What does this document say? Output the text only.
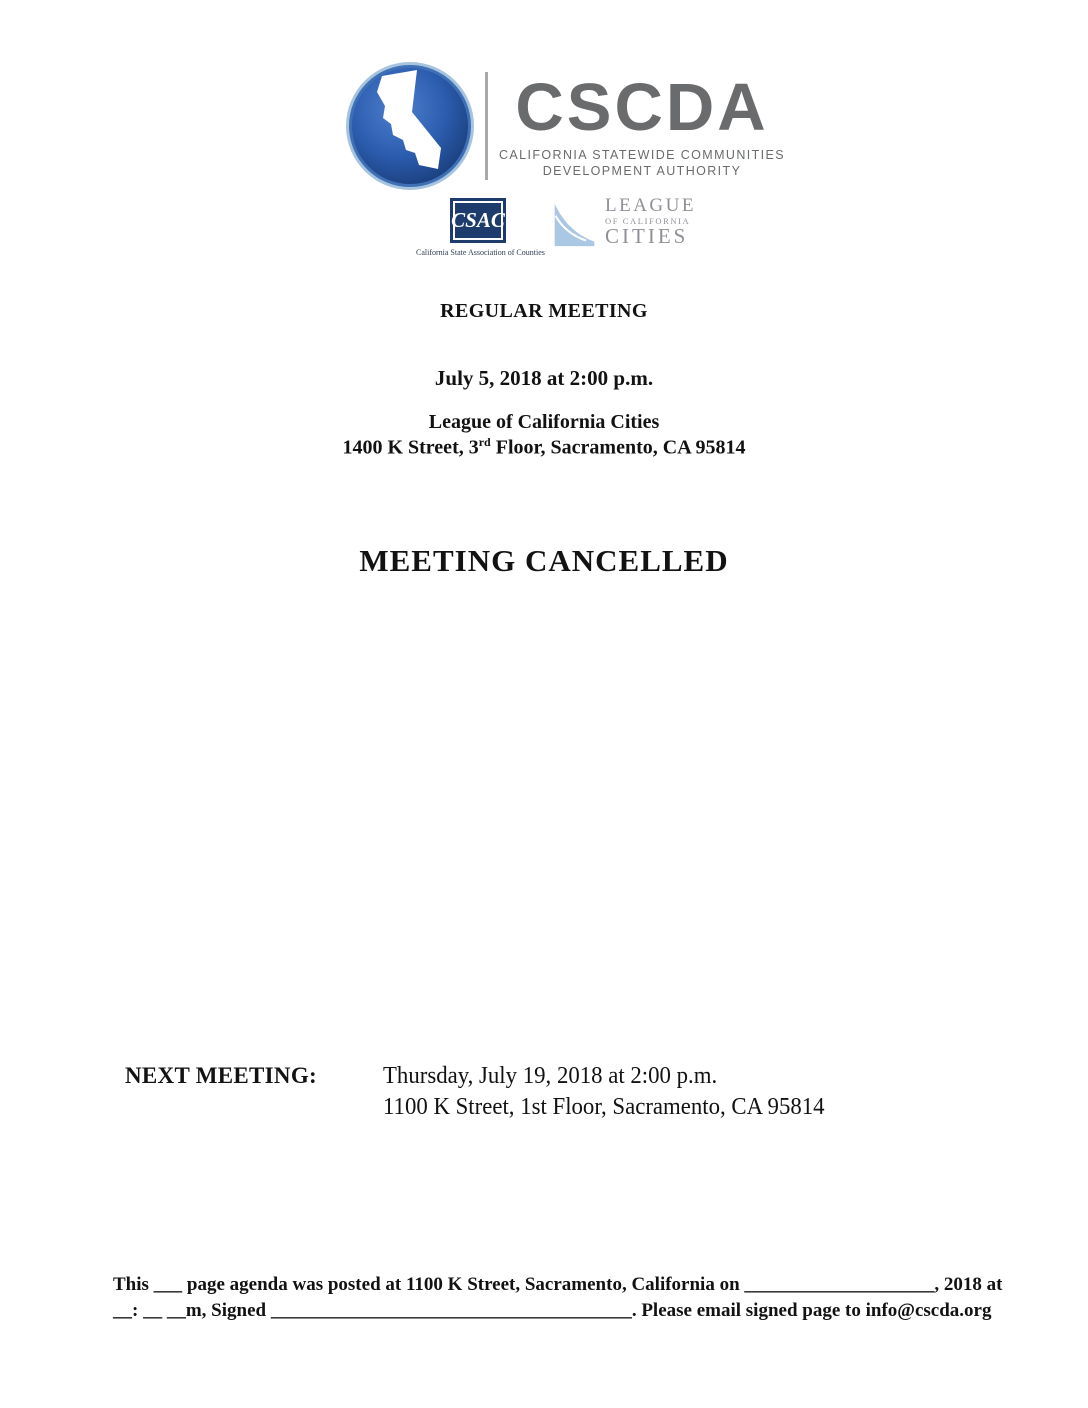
CSCDA
CALIFORNIA STATEWIDE COMMUNITIES
DEVELOPMENT AUTHORITY
CSAC
California State Association of Counties
LEAGUE
OF CALIFORNIA
CITIES
REGULAR MEETING
July 5, 2018 at 2:00 p.m.
League of California Cities
1400 K Street, 3rd Floor, Sacramento, CA 95814
MEETING CANCELLED
NEXT MEETING:	Thursday, July 19, 2018 at 2:00 p.m.
1100 K Street, 1st Floor, Sacramento, CA 95814
This ___ page agenda was posted at 1100 K Street, Sacramento, California on ____________________, 2018 at
__: __ __m, Signed ______________________________________. Please email signed page to info@cscda.org
